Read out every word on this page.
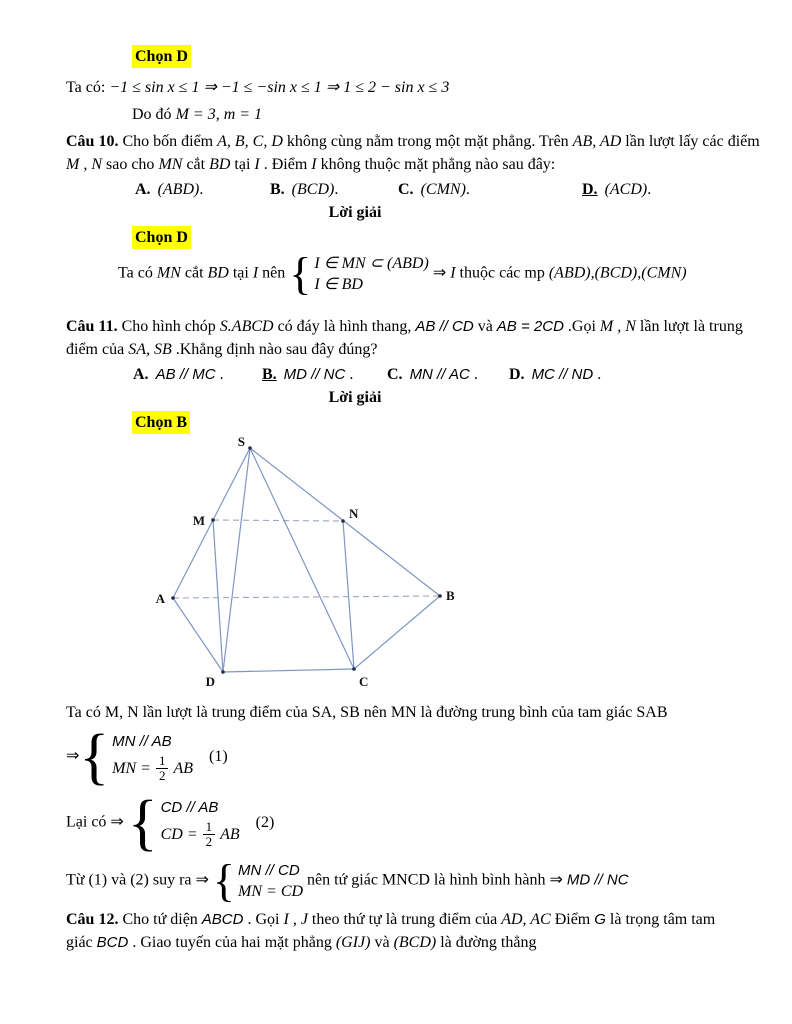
Chọn D

Ta có: −1 ≤ sin x ≤ 1 ⇒ −1 ≤ −sin x ≤ 1 ⇒ 1 ≤ 2 − sin x ≤ 3

Do đó M = 3, m = 1

Câu 10. Cho bốn điểm A, B, C, D không cùng nằm trong một mặt phẳng. Trên AB, AD lần lượt lấy các điểm

M , N sao cho MN cắt BD tại I . Điểm I không thuộc mặt phẳng nào sau đây:

A. (ABD).	B. (BCD).	C. (CMN).	D. (ACD).
Lời giải
Chọn D

Ta có MN cắt BD tại I nên { I ∈ MN ⊂ (ABD)
I ∈ BD
⇒ I thuộc các mp (ABD),(BCD),(CMN)

Câu 11. Cho hình chóp S.ABCD có đáy là hình thang, AB // CD và AB = 2CD .Gọi M , N lần lượt là trung

điểm của SA, SB .Khẳng định nào sau đây đúng?

A. AB // MC .	B. MD // NC .	C. MN // AC .	D. MC // ND .
Lời giải
Chọn B
S
M	N
A	B
D	C

Ta có M, N lần lượt là trung điểm của SA, SB nên MN là đường trung bình của tam giác SAB

⇒ { MN // AB
MN = $\frac{1}{2}$ AB
(1)

Lại có ⇒ { CD // AB
CD = $\frac{1}{2}$ AB
(2)

Từ (1) và (2) suy ra ⇒ { MN // CD
MN = CD
nên tứ giác MNCD là hình bình hành ⇒ MD // NC

Câu 12. Cho tứ diện ABCD . Gọi I , J theo thứ tự là trung điểm của AD, AC Điểm G là trọng tâm tam

giác BCD . Giao tuyến của hai mặt phẳng (GIJ) và (BCD) là đường thẳng
